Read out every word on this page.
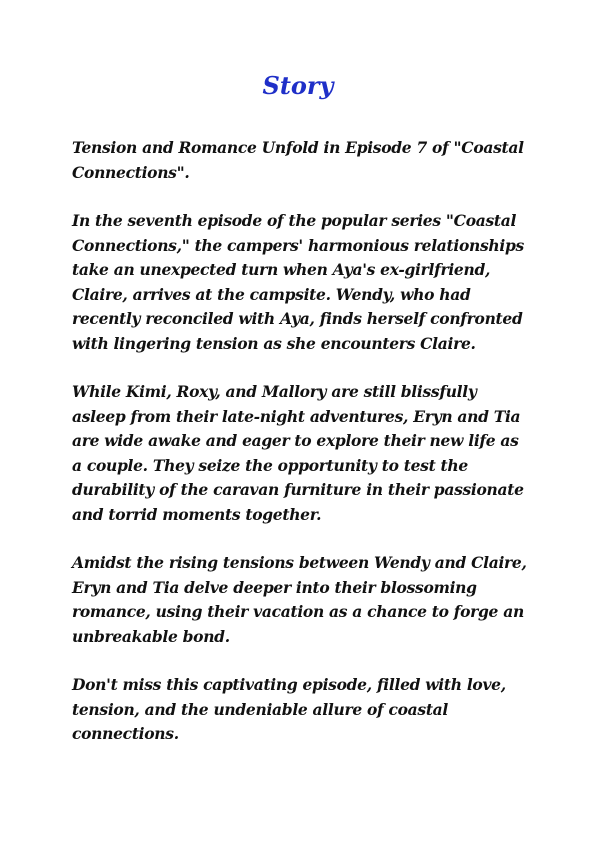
Story

Tension and Romance Unfold in Episode 7 of "Coastal Connections".

In the seventh episode of the popular series "Coastal Connections," the campers' harmonious relationships take an unexpected turn when Aya's ex-girlfriend, Claire, arrives at the campsite. Wendy, who had recently reconciled with Aya, finds herself confronted with lingering tension as she encounters Claire.

While Kimi, Roxy, and Mallory are still blissfully asleep from their late-night adventures, Eryn and Tia are wide awake and eager to explore their new life as a couple. They seize the opportunity to test the durability of the caravan furniture in their passionate and torrid moments together.

Amidst the rising tensions between Wendy and Claire, Eryn and Tia delve deeper into their blossoming romance, using their vacation as a chance to forge an unbreakable bond.

Don't miss this captivating episode, filled with love, tension, and the undeniable allure of coastal connections.
